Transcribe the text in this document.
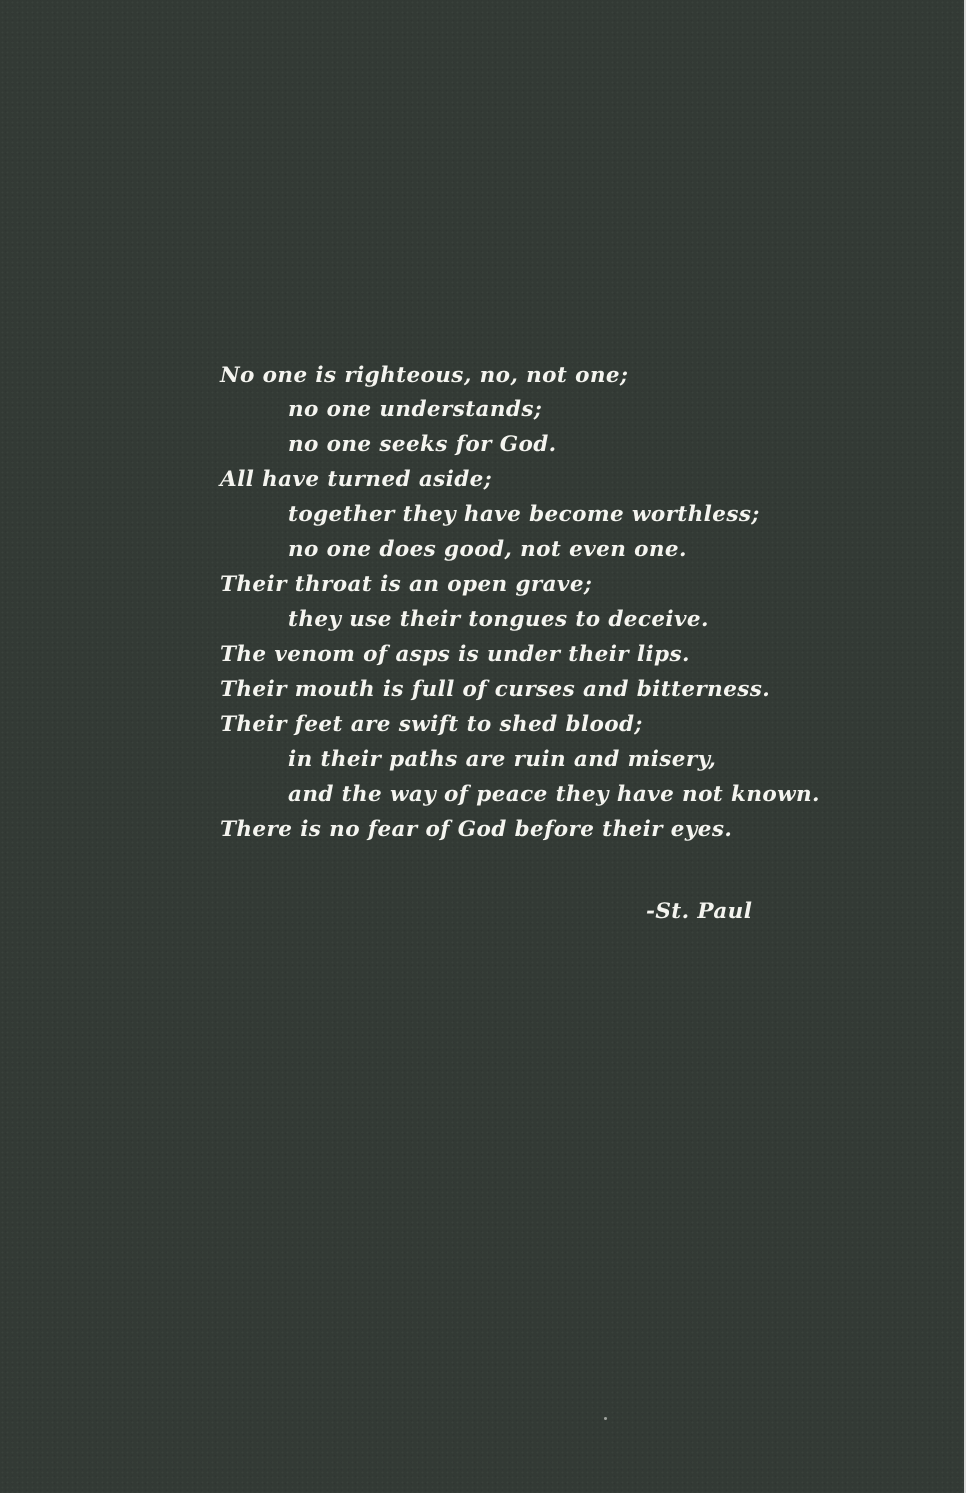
No one is righteous, no, not one;
no one understands;
no one seeks for God.
All have turned aside;
together they have become worthless;
no one does good, not even one.
Their throat is an open grave;
they use their tongues to deceive.
The venom of asps is under their lips.
Their mouth is full of curses and bitterness.
Their feet are swift to shed blood;
in their paths are ruin and misery,
and the way of peace they have not known.
There is no fear of God before their eyes.
-St. Paul
